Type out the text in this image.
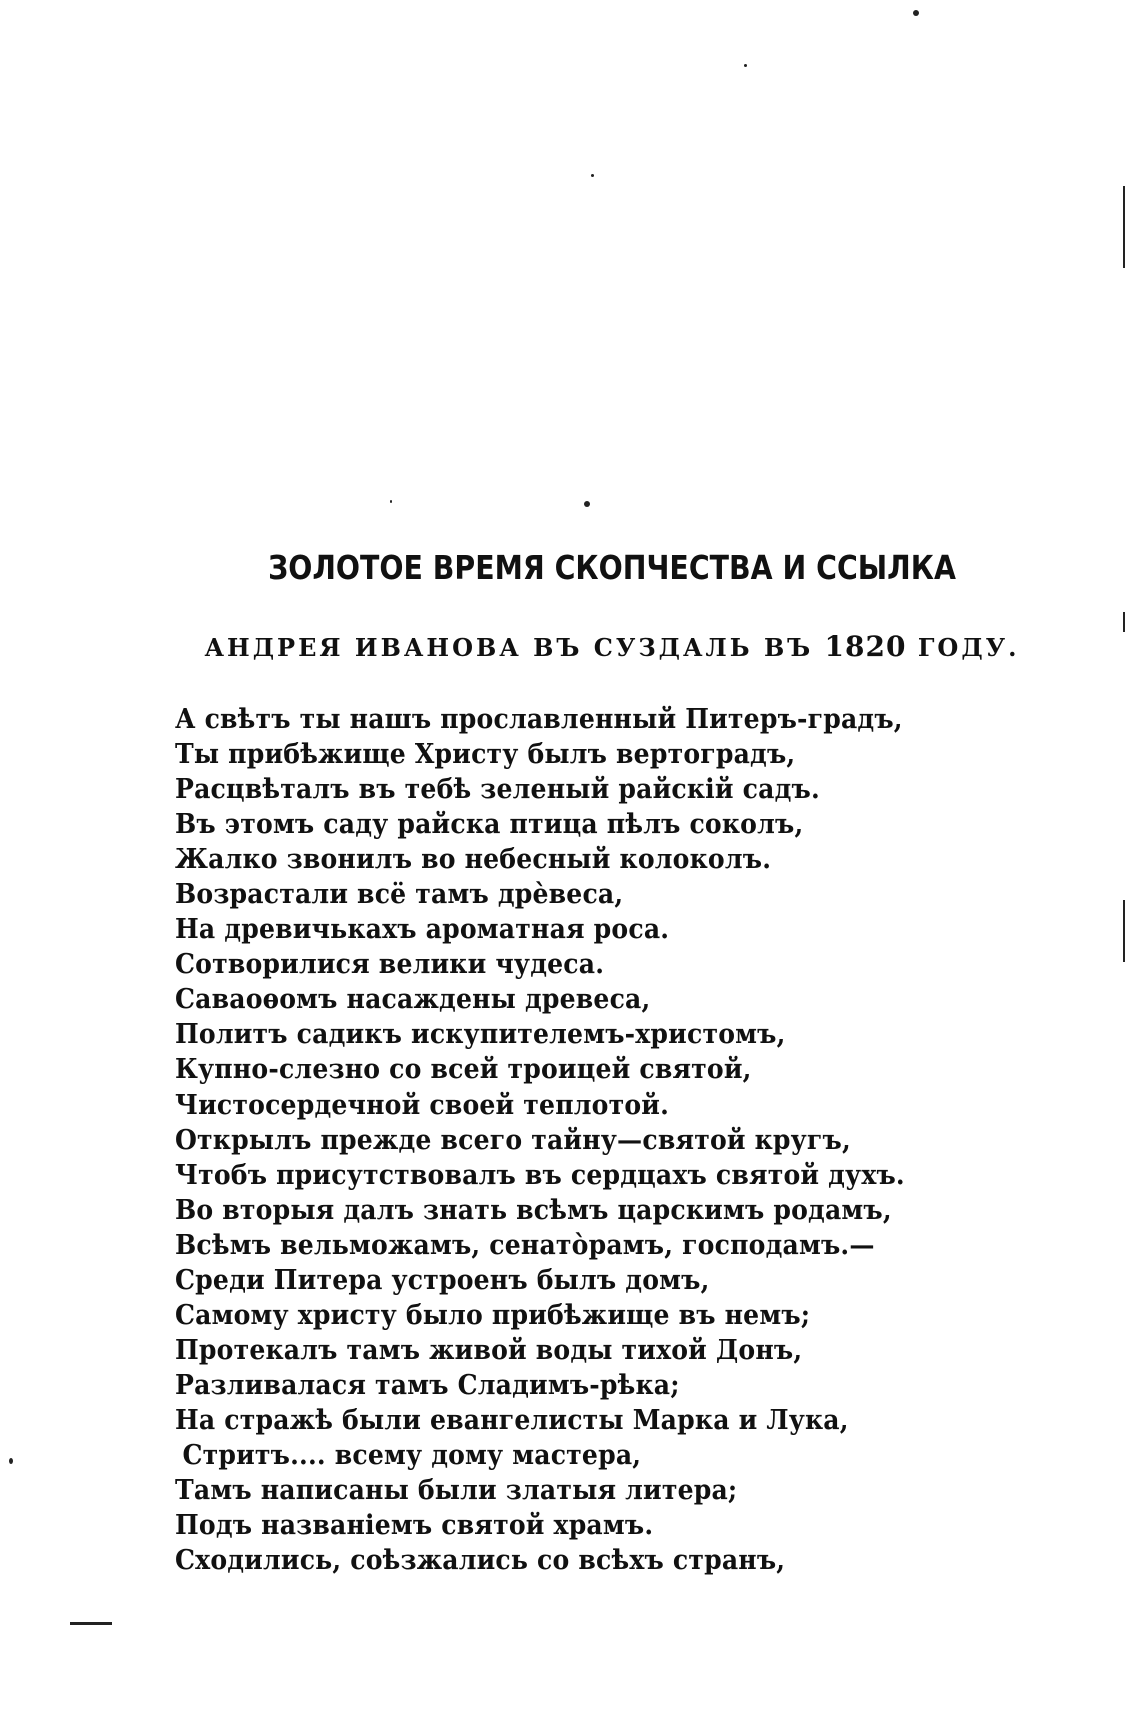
ЗОЛОТОЕ ВРЕМЯ СКОПЧЕСТВА И ССЫЛКА
АНДРЕЯ ИВАНОВА ВЪ СУЗДАЛЬ ВЪ 1820 ГОДУ.
А свѣтъ ты нашъ прославленный Питеръ-градъ,
Ты прибѣжище Христу былъ вертоградъ,
Расцвѣталъ въ тебѣ зеленый райскій садъ.
Въ этомъ саду райска птица пѣлъ соколъ,
Жалко звонилъ во небесный колоколъ.
Возрастали всё тамъ дрѐвеса,
На древичькахъ ароматная роса.
Сотворилися велики чудеса.
Саваоѳомъ насаждены древеса,
Политъ садикъ искупителемъ-христомъ,
Купно-слезно со всей троицей святой,
Чистосердечной своей теплотой.
Открылъ прежде всего тайну—святой кругъ,
Чтобъ присутствовалъ въ сердцахъ святой духъ.
Во вторыя далъ знать всѣмъ царскимъ родамъ,
Всѣмъ вельможамъ, сенатòрамъ, господамъ.—
Среди Питера устроенъ былъ домъ,
Самому христу было прибѣжище въ немъ;
Протекалъ тамъ живой воды тихой Донъ,
Разливалася тамъ Сладимъ-рѣка;
На стражѣ были евангелисты Марка и Лука,
Стритъ.... всему дому мастера,
Тамъ написаны были златыя литера;
Подъ названіемъ святой храмъ.
Сходились, соѣзжались со всѣхъ странъ,
